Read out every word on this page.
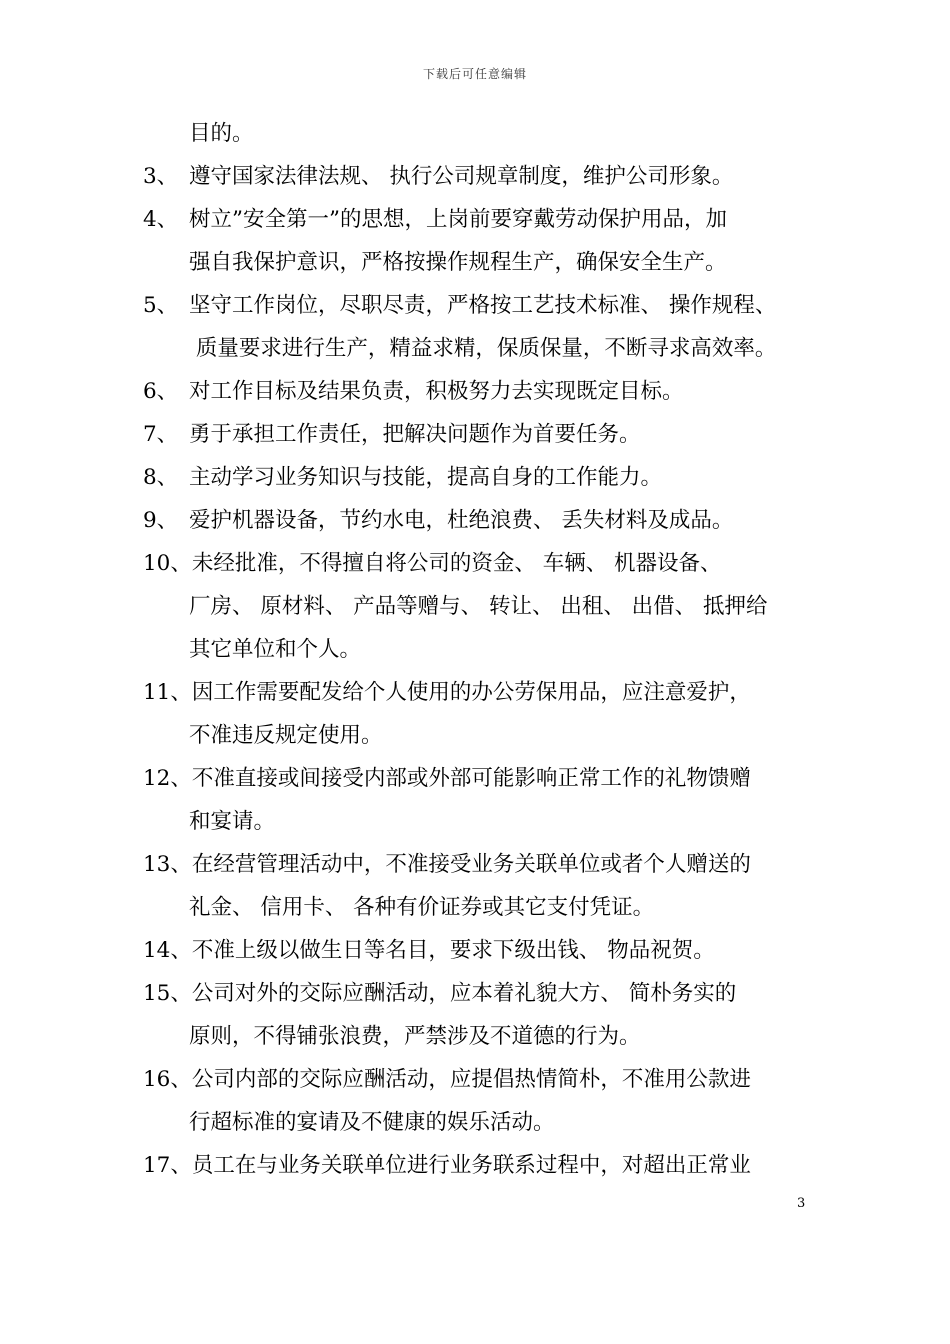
下载后可任意编辑
目的。
3、 遵守国家法律法规、 执行公司规章制度，维护公司形象。
4、 树立”安全第一”的思想，上岗前要穿戴劳动保护用品，加
强自我保护意识，严格按操作规程生产，确保安全生产。
5、 坚守工作岗位，尽职尽责，严格按工艺技术标准、 操作规程、
质量要求进行生产，精益求精，保质保量，不断寻求高效率。
6、 对工作目标及结果负责，积极努力去实现既定目标。
7、 勇于承担工作责任，把解决问题作为首要任务。
8、 主动学习业务知识与技能，提高自身的工作能力。
9、 爱护机器设备，节约水电，杜绝浪费、 丢失材料及成品。
10、未经批准，不得擅自将公司的资金、 车辆、 机器设备、
厂房、 原材料、 产品等赠与、 转让、 出租、 出借、 抵押给
其它单位和个人。
11、因工作需要配发给个人使用的办公劳保用品，应注意爱护，
不准违反规定使用。
12、不准直接或间接受内部或外部可能影响正常工作的礼物馈赠
和宴请。
13、在经营管理活动中，不准接受业务关联单位或者个人赠送的
礼金、 信用卡、 各种有价证券或其它支付凭证。
14、不准上级以做生日等名目，要求下级出钱、 物品祝贺。
15、公司对外的交际应酬活动，应本着礼貌大方、 简朴务实的
原则，不得铺张浪费，严禁涉及不道德的行为。
16、公司内部的交际应酬活动，应提倡热情简朴，不准用公款进
行超标准的宴请及不健康的娱乐活动。
17、员工在与业务关联单位进行业务联系过程中，对超出正常业
3
